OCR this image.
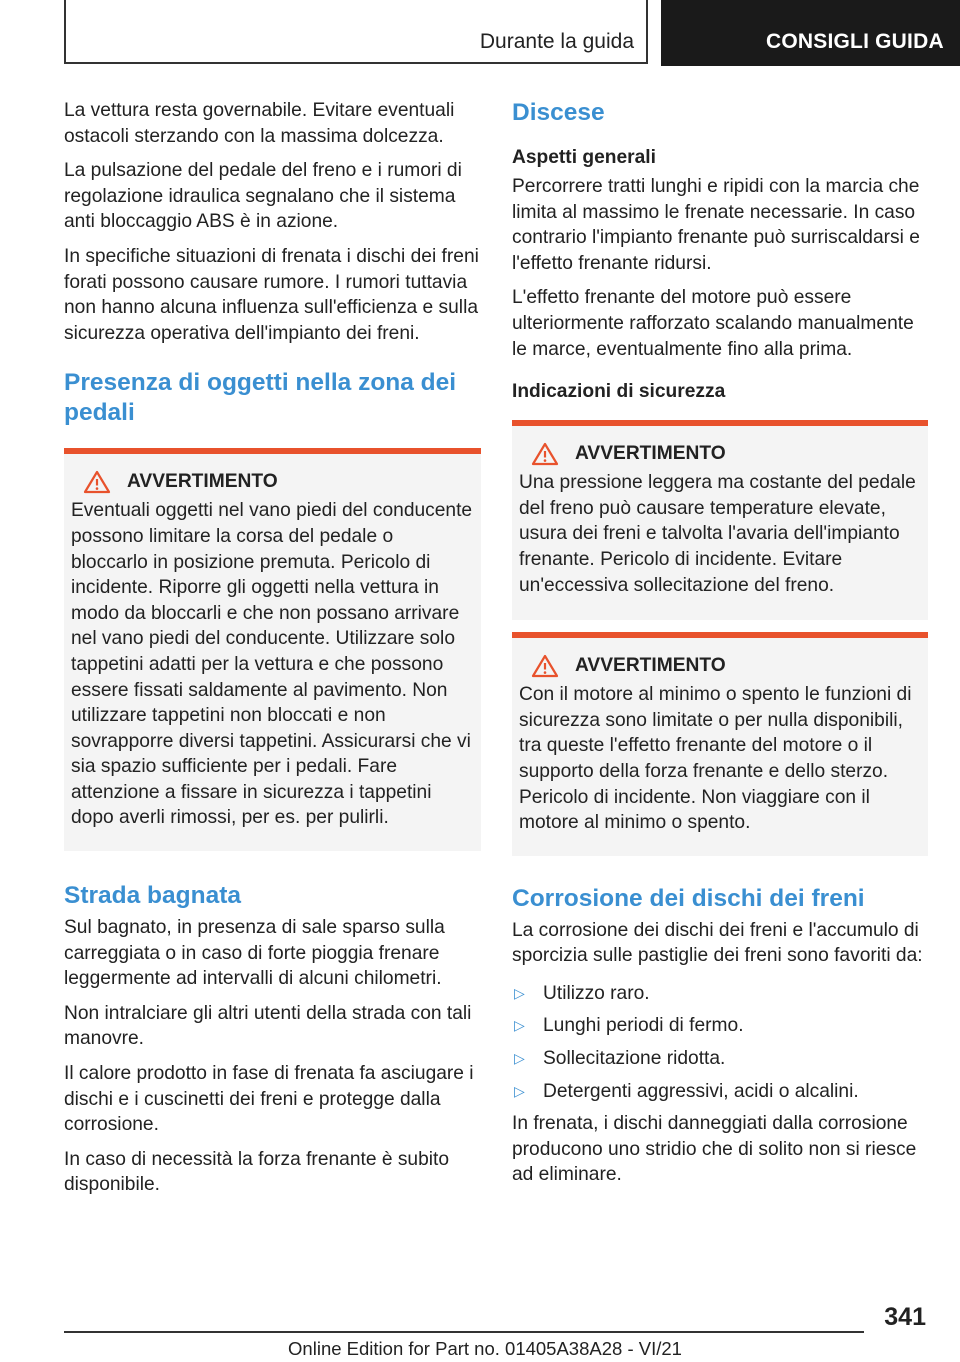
Durante la guida	CONSIGLI GUIDA

La vettura resta governabile. Evitare eventuali ostacoli sterzando con la massima dolcezza.

La pulsazione del pedale del freno e i rumori di regolazione idraulica segnalano che il sistema anti bloccaggio ABS è in azione.

In specifiche situazioni di frenata i dischi dei freni forati possono causare rumore. I rumori tuttavia non hanno alcuna influenza sull'efficienza e sulla sicurezza operativa dell'impianto dei freni.

Presenza di oggetti nella zona dei pedali
AVVERTIMENTO

Eventuali oggetti nel vano piedi del conducente possono limitare la corsa del pedale o bloccarlo in posizione premuta. Pericolo di incidente. Riporre gli oggetti nella vettura in modo da bloccarli e che non possano arrivare nel vano piedi del conducente. Utilizzare solo tappetini adatti per la vettura e che possono essere fissati saldamente al pavimento. Non utilizzare tappetini non bloccati e non sovrapporre diversi tappetini. Assicurarsi che vi sia spazio sufficiente per i pedali. Fare attenzione a fissare in sicurezza i tappetini dopo averli rimossi, per es. per pulirli.

Strada bagnata

Sul bagnato, in presenza di sale sparso sulla carreggiata o in caso di forte pioggia frenare leggermente ad intervalli di alcuni chilometri.

Non intralciare gli altri utenti della strada con tali manovre.

Il calore prodotto in fase di frenata fa asciugare i dischi e i cuscinetti dei freni e protegge dalla corrosione.

In caso di necessità la forza frenante è subito disponibile.

Discese
Aspetti generali

Percorrere tratti lunghi e ripidi con la marcia che limita al massimo le frenate necessarie. In caso contrario l'impianto frenante può surriscaldarsi e l'effetto frenante ridursi.

L'effetto frenante del motore può essere ulteriormente rafforzato scalando manualmente le marce, eventualmente fino alla prima.

Indicazioni di sicurezza
AVVERTIMENTO

Una pressione leggera ma costante del pedale del freno può causare temperature elevate, usura dei freni e talvolta l'avaria dell'impianto frenante. Pericolo di incidente. Evitare un'eccessiva sollecitazione del freno.

AVVERTIMENTO

Con il motore al minimo o spento le funzioni di sicurezza sono limitate o per nulla disponibili, tra queste l'effetto frenante del motore o il supporto della forza frenante e dello sterzo. Pericolo di incidente. Non viaggiare con il motore al minimo o spento.

Corrosione dei dischi dei freni

La corrosione dei dischi dei freni e l'accumulo di sporcizia sulle pastiglie dei freni sono favoriti da:

▷ Utilizzo raro.
▷ Lunghi periodi di fermo.
▷ Sollecitazione ridotta.
▷ Detergenti aggressivi, acidi o alcalini.

In frenata, i dischi danneggiati dalla corrosione producono uno stridio che di solito non si riesce ad eliminare.

341
Online Edition for Part no. 01405A38A28 - VI/21
